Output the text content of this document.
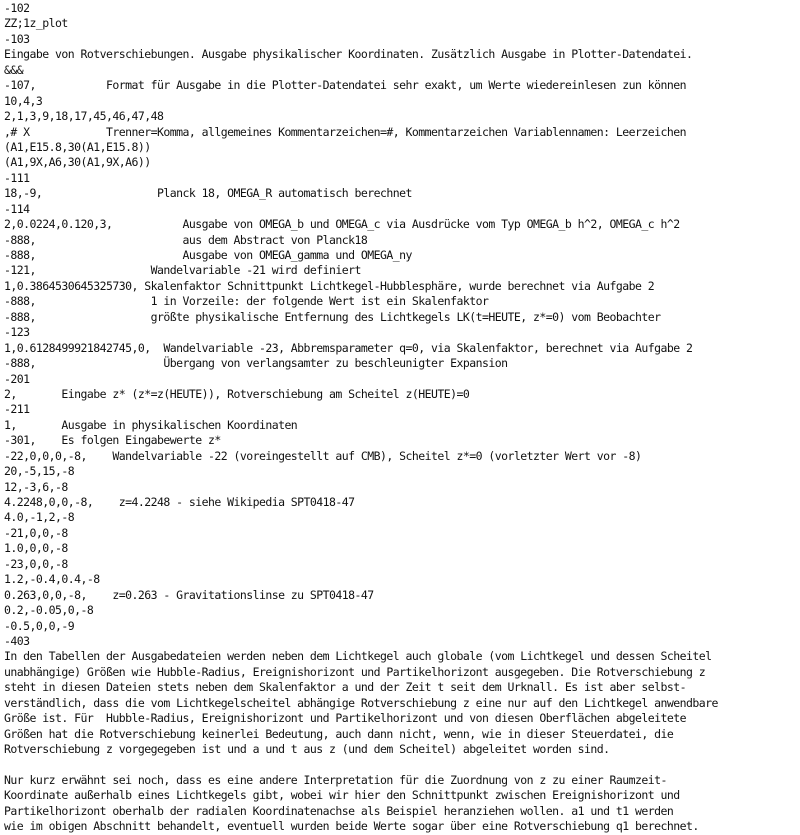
-102
ZZ;1z_plot
-103
Eingabe von Rotverschiebungen. Ausgabe physikalischer Koordinaten. Zusätzlich Ausgabe in Plotter-Datendatei.
&&&
-107,           Format für Ausgabe in die Plotter-Datendatei sehr exakt, um Werte wiedereinlesen zun können
10,4,3
2,1,3,9,18,17,45,46,47,48
,# X            Trenner=Komma, allgemeines Kommentarzeichen=#, Kommentarzeichen Variablennamen: Leerzeichen
(A1,E15.8,30(A1,E15.8))
(A1,9X,A6,30(A1,9X,A6))
-111
18,-9,                  Planck 18, OMEGA_R automatisch berechnet
-114
2,0.0224,0.120,3,           Ausgabe von OMEGA_b und OMEGA_c via Ausdrücke vom Typ OMEGA_b h^2, OMEGA_c h^2
-888,                       aus dem Abstract von Planck18
-888,                       Ausgabe von OMEGA_gamma und OMEGA_ny
-121,                  Wandelvariable -21 wird definiert
1,0.3864530645325730, Skalenfaktor Schnittpunkt Lichtkegel-Hubblesphäre, wurde berechnet via Aufgabe 2
-888,                  1 in Vorzeile: der folgende Wert ist ein Skalenfaktor
-888,                  größte physikalische Entfernung des Lichtkegels LK(t=HEUTE, z*=0) vom Beobachter
-123
1,0.6128499921842745,0,  Wandelvariable -23, Abbremsparameter q=0, via Skalenfaktor, berechnet via Aufgabe 2
-888,                    Übergang von verlangsamter zu beschleunigter Expansion
-201
2,       Eingabe z* (z*=z(HEUTE)), Rotverschiebung am Scheitel z(HEUTE)=0
-211
1,       Ausgabe in physikalischen Koordinaten
-301,    Es folgen Eingabewerte z*
-22,0,0,0,-8,    Wandelvariable -22 (voreingestellt auf CMB), Scheitel z*=0 (vorletzter Wert vor -8)
20,-5,15,-8
12,-3,6,-8
4.2248,0,0,-8,    z=4.2248 - siehe Wikipedia SPT0418-47
4.0,-1,2,-8
-21,0,0,-8
1.0,0,0,-8
-23,0,0,-8
1.2,-0.4,0.4,-8
0.263,0,0,-8,    z=0.263 - Gravitationslinse zu SPT0418-47
0.2,-0.05,0,-8
-0.5,0,0,-9
-403
In den Tabellen der Ausgabedateien werden neben dem Lichtkegel auch globale (vom Lichtkegel und dessen Scheitel
unabhängige) Größen wie Hubble-Radius, Ereignishorizont und Partikelhorizont ausgegeben. Die Rotverschiebung z
steht in diesen Dateien stets neben dem Skalenfaktor a und der Zeit t seit dem Urknall. Es ist aber selbst-
verständlich, dass die vom Lichtkegelscheitel abhängige Rotverschiebung z eine nur auf den Lichtkegel anwendbare
Größe ist. Für  Hubble-Radius, Ereignishorizont und Partikelhorizont und von diesen Oberflächen abgeleitete
Größen hat die Rotverschiebung keinerlei Bedeutung, auch dann nicht, wenn, wie in dieser Steuerdatei, die
Rotverschiebung z vorgegegeben ist und a und t aus z (und dem Scheitel) abgeleitet worden sind.
Nur kurz erwähnt sei noch, dass es eine andere Interpretation für die Zuordnung von z zu einer Raumzeit-
Koordinate außerhalb eines Lichtkegels gibt, wobei wir hier den Schnittpunkt zwischen Ereignishorizont und
Partikelhorizont oberhalb der radialen Koordinatenachse als Beispiel heranziehen wollen. a1 und t1 werden
wie im obigen Abschnitt behandelt, eventuell wurden beide Werte sogar über eine Rotverschiebung q1 berechnet.
